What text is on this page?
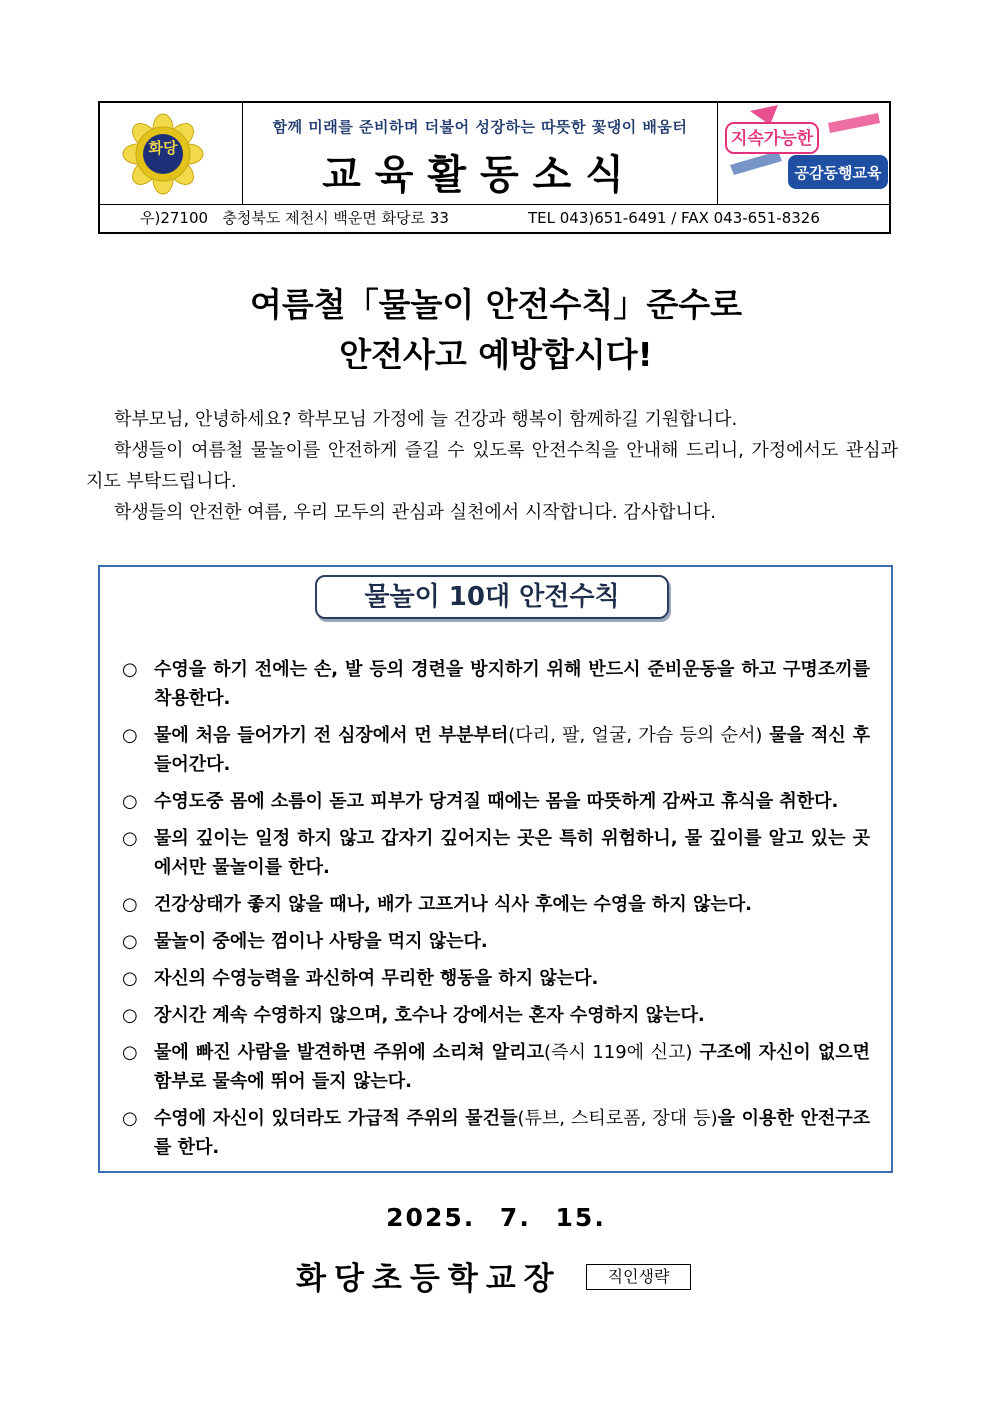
화당
함께 미래를 준비하며 더불어 성장하는 따뜻한 꽃댕이 배움터
교육활동소식
지속가능한
공감동행교육

우)27100   충청북도 제천시 백운면 화당로 33

	TEL 043)651-6491 / FAX 043-651-8326

여름철「물놀이 안전수칙」준수로
안전사고 예방합시다!

학부모님, 안녕하세요? 학부모님 가정에 늘 건강과 행복이 함께하길 기원합니다.

학생들이 여름철 물놀이를 안전하게 즐길 수 있도록 안전수칙을 안내해 드리니, 가정에서도 관심과 지도 부탁드립니다.

학생들의 안전한 여름, 우리 모두의 관심과 실천에서 시작합니다. 감사합니다.

물놀이 10대 안전수칙
○ 수영을 하기 전에는 손, 발 등의 경련을 방지하기 위해 반드시 준비운동을 하고 구명조끼를 착용한다.
○ 물에 처음 들어가기 전 심장에서 먼 부분부터(다리, 팔, 얼굴, 가슴 등의 순서) 물을 적신 후 들어간다.
○ 수영도중 몸에 소름이 돋고 피부가 당겨질 때에는 몸을 따뜻하게 감싸고 휴식을 취한다.
○ 물의 깊이는 일정 하지 않고 갑자기 깊어지는 곳은 특히 위험하니, 물 깊이를 알고 있는 곳에서만 물놀이를 한다.
○ 건강상태가 좋지 않을 때나, 배가 고프거나 식사 후에는 수영을 하지 않는다.
○ 물놀이 중에는 껌이나 사탕을 먹지 않는다.
○ 자신의 수영능력을 과신하여 무리한 행동을 하지 않는다.
○ 장시간 계속 수영하지 않으며, 호수나 강에서는 혼자 수영하지 않는다.
○ 물에 빠진 사람을 발견하면 주위에 소리쳐 알리고(즉시 119에 신고) 구조에 자신이 없으면 함부로 물속에 뛰어 들지 않는다.
○ 수영에 자신이 있더라도 가급적 주위의 물건들(튜브, 스티로폼, 장대 등)을 이용한 안전구조를 한다.
2025. 7. 15.
화당초등학교장	직인생략
